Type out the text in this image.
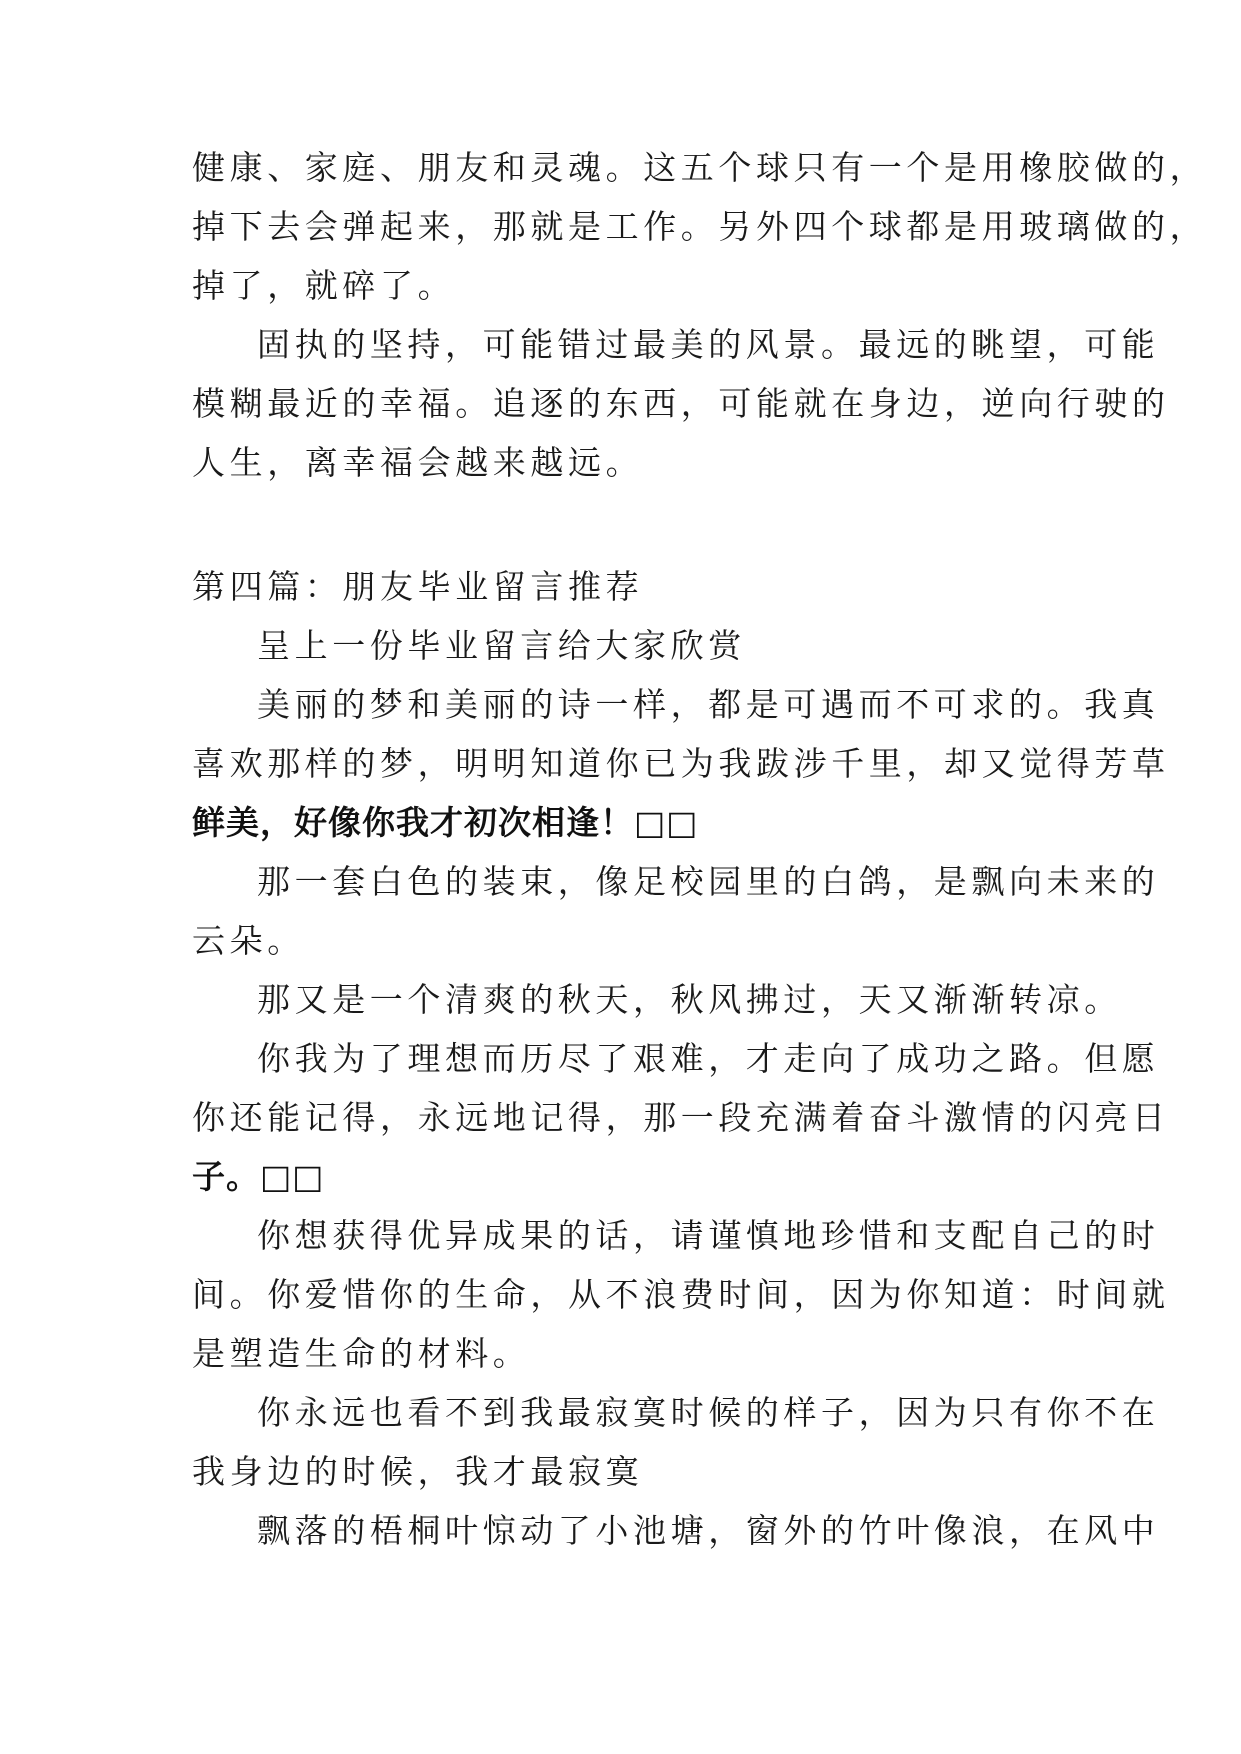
健康、家庭、朋友和灵魂。这五个球只有一个是用橡胶做的，
掉下去会弹起来，那就是工作。另外四个球都是用玻璃做的，
掉了，就碎了。
固执的坚持，可能错过最美的风景。最远的眺望，可能
模糊最近的幸福。追逐的东西，可能就在身边，逆向行驶的
人生，离幸福会越来越远。
第四篇：朋友毕业留言推荐
呈上一份毕业留言给大家欣赏
美丽的梦和美丽的诗一样，都是可遇而不可求的。我真
喜欢那样的梦，明明知道你已为我跋涉千里，却又觉得芳草
鲜美，好像你我才初次相逢！□□
那一套白色的装束，像足校园里的白鸽，是飘向未来的
云朵。
那又是一个清爽的秋天，秋风拂过，天又渐渐转凉。
你我为了理想而历尽了艰难，才走向了成功之路。但愿
你还能记得，永远地记得，那一段充满着奋斗激情的闪亮日
子。□□
你想获得优异成果的话，请谨慎地珍惜和支配自己的时
间。你爱惜你的生命，从不浪费时间，因为你知道：时间就
是塑造生命的材料。
你永远也看不到我最寂寞时候的样子，因为只有你不在
我身边的时候，我才最寂寞
飘落的梧桐叶惊动了小池塘，窗外的竹叶像浪，在风中
